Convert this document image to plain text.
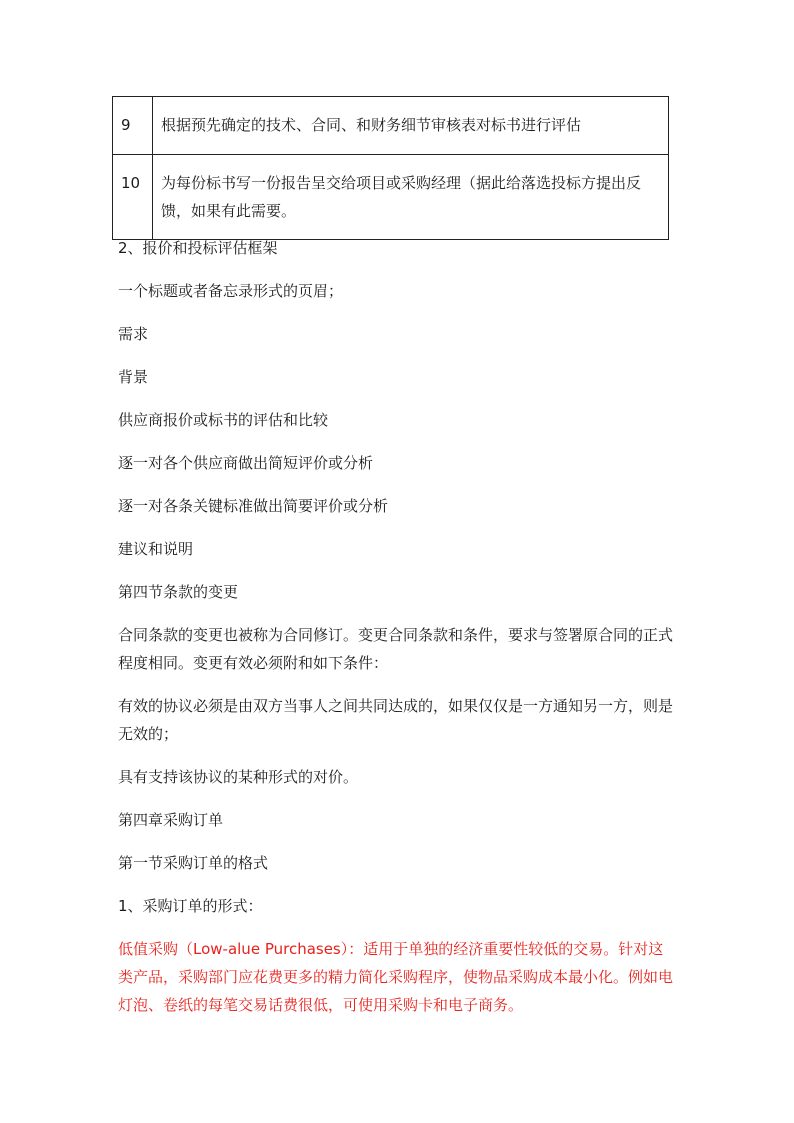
9	根据预先确定的技术、合同、和财务细节审核表对标书进行评估
10	为每份标书写一份报告呈交给项目或采购经理（据此给落选投标方提出反馈，如果有此需要。

2、报价和投标评估框架

一个标题或者备忘录形式的页眉；

需求

背景

供应商报价或标书的评估和比较

逐一对各个供应商做出简短评价或分析

逐一对各条关键标准做出简要评价或分析

建议和说明

第四节条款的变更

合同条款的变更也被称为合同修订。变更合同条款和条件，要求与签署原合同的正式程度相同。变更有效必须附和如下条件：

有效的协议必须是由双方当事人之间共同达成的，如果仅仅是一方通知另一方，则是无效的；

具有支持该协议的某种形式的对价。

第四章采购订单

第一节采购订单的格式

1、采购订单的形式：

低值采购（Low-alue Purchases）：适用于单独的经济重要性较低的交易。针对这类产品，采购部门应花费更多的精力简化采购程序，使物品采购成本最小化。例如电灯泡、卷纸的每笔交易话费很低，可使用采购卡和电子商务。
